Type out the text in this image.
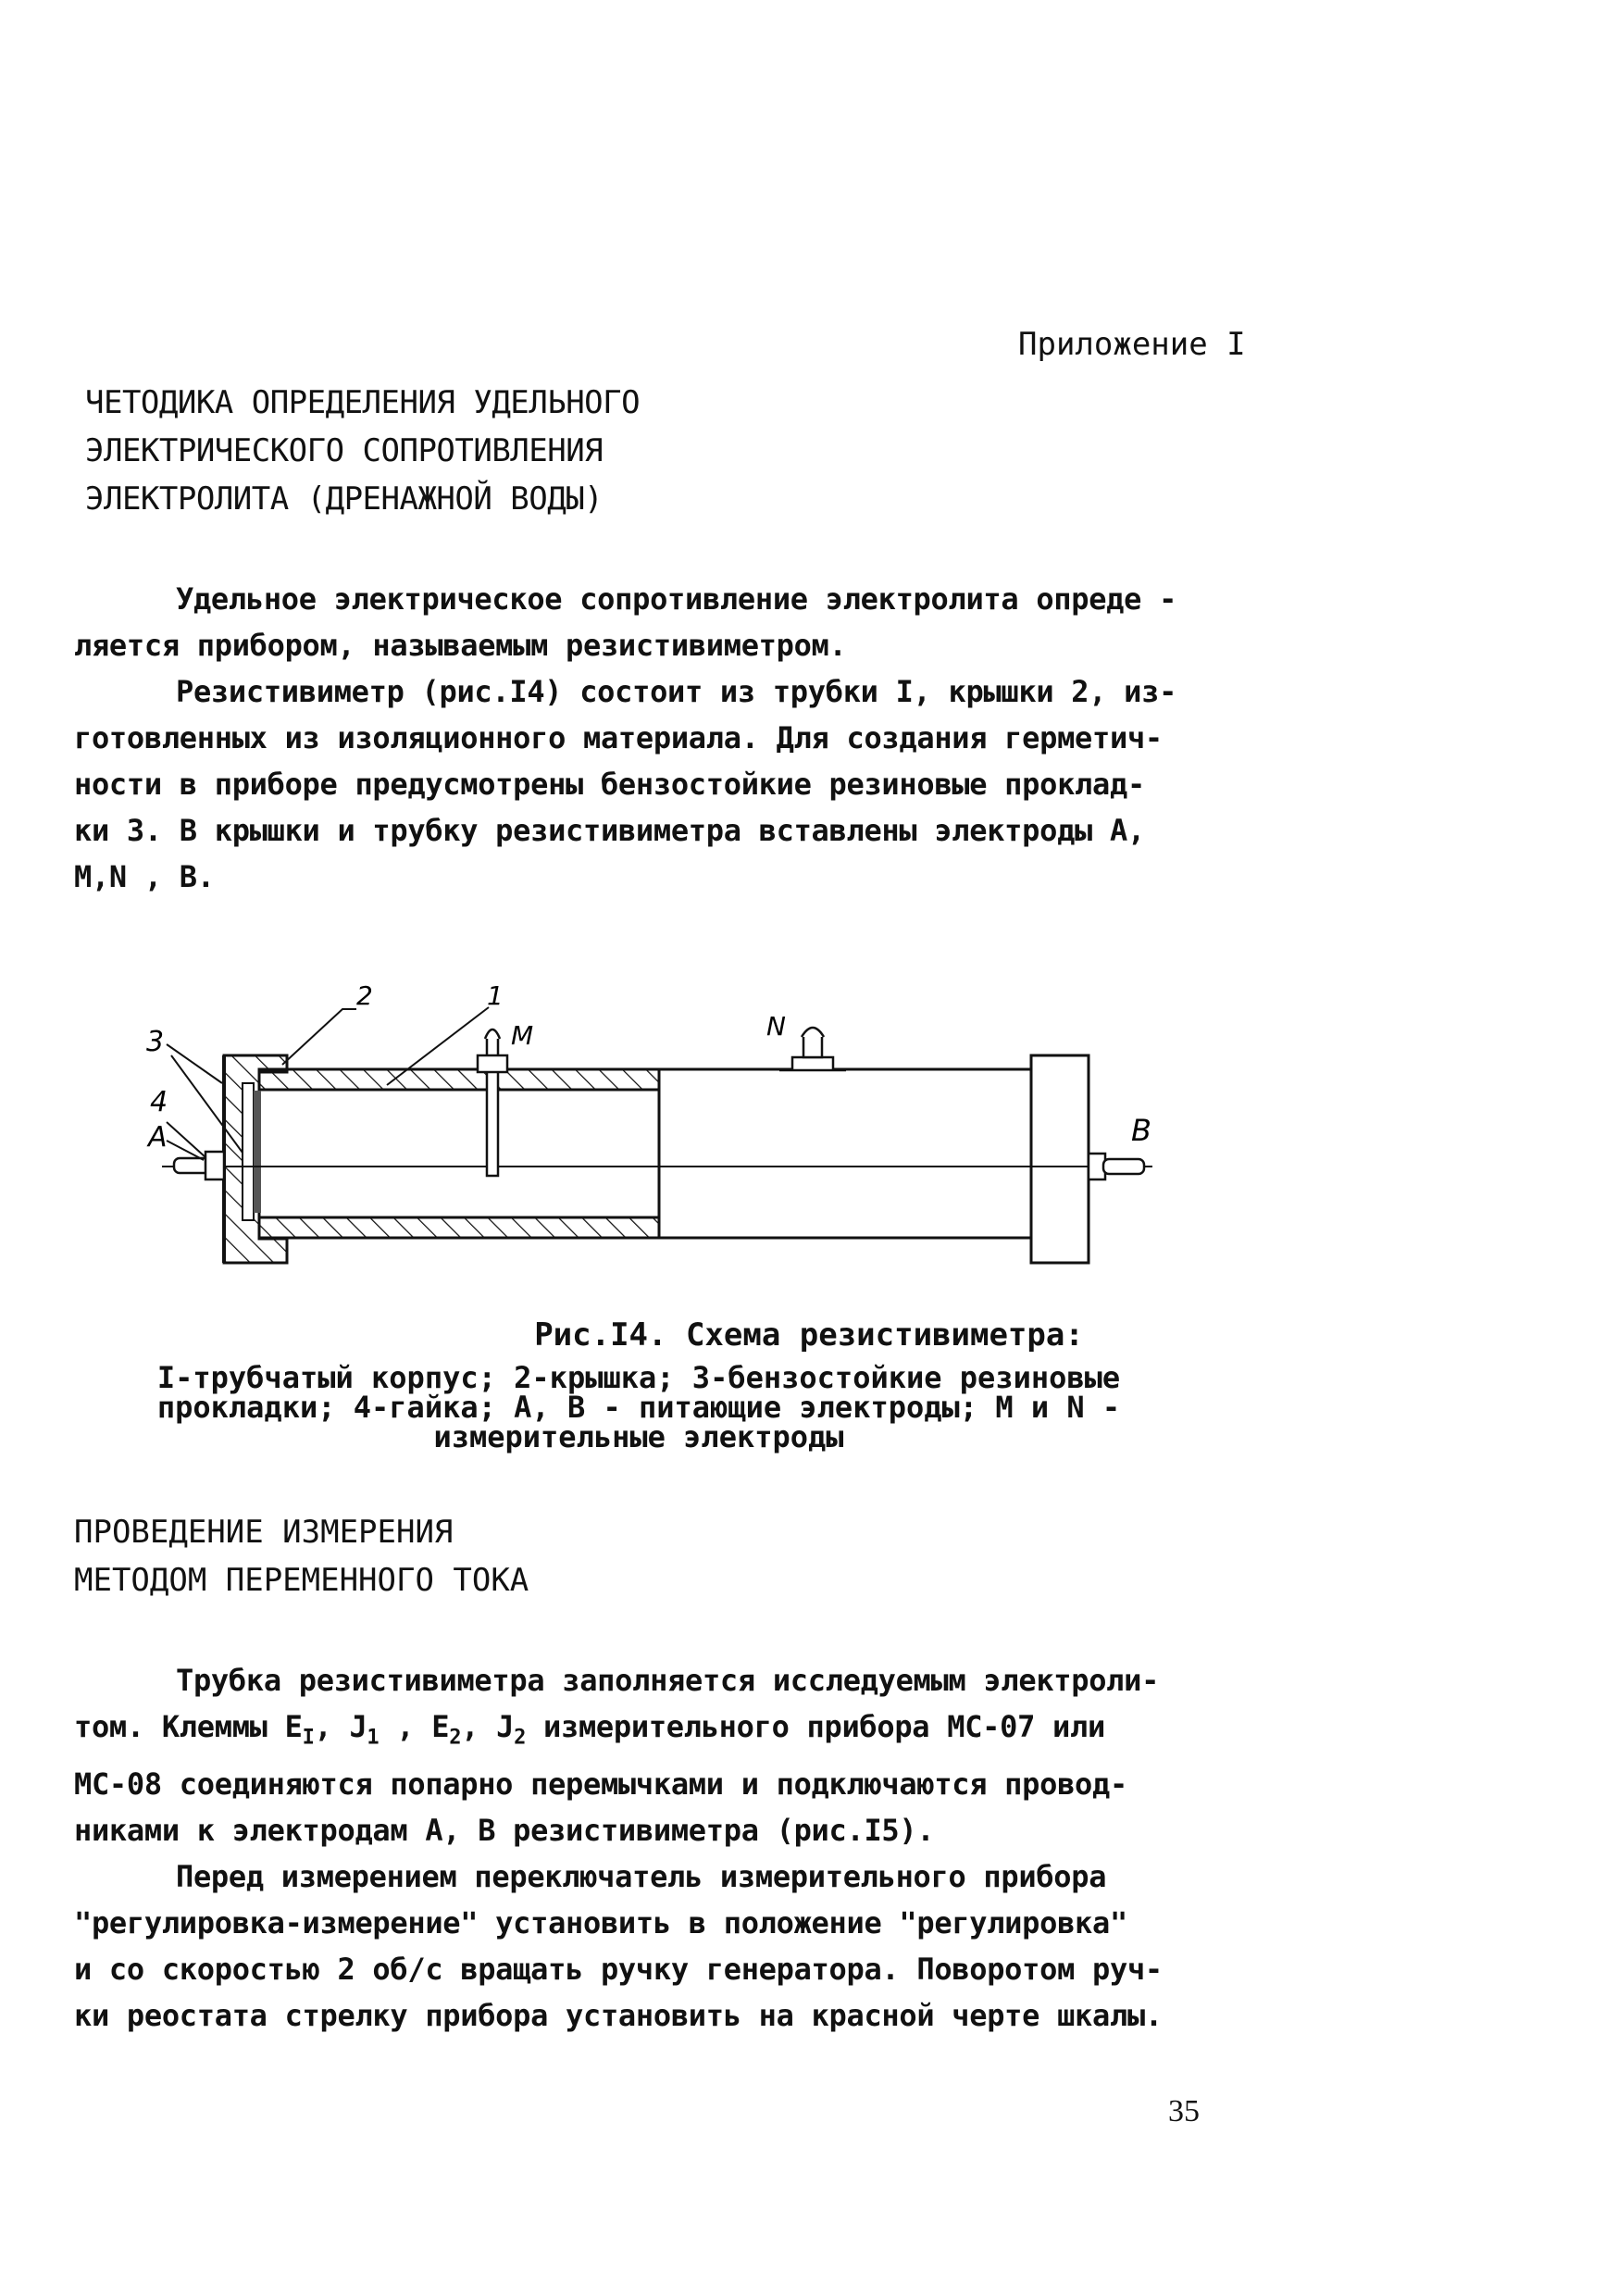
Приложение I
ЧЕТОДИКА ОПРЕДЕЛЕНИЯ УДЕЛЬНОГО
ЭЛЕКТРИЧЕСКОГО СОПРОТИВЛЕНИЯ
ЭЛЕКТРОЛИТА (ДРЕНАЖНОЙ ВОДЫ)
Удельное электрическое сопротивление электролита опреде -
ляется прибором, называемым резистивиметром.
Резистивиметр (рис.I4) состоит из трубки I, крышки 2, из-
готовленных из изоляционного материала. Для создания герметич-
ности в приборе предусмотрены бензостойкие резиновые проклад-
ки 3. В крышки и трубку резистивиметра вставлены электроды А,
М,N , В.
2	1
M	N
3
4
A	B
Рис.I4. Схема резистивиметра:
I-трубчатый корпус; 2-крышка; 3-бензостойкие резиновые
прокладки; 4-гайка; А, В - питающие электроды; М и N -
измерительные электроды
ПРОВЕДЕНИЕ ИЗМЕРЕНИЯ
МЕТОДОМ ПЕРЕМЕННОГО ТОКА
Трубка резистивиметра заполняется исследуемым электроли-
том. Клеммы $E_I$, $J_1$ , $E_2$, $J_2$ измерительного прибора МС-07 или
МС-08 соединяются попарно перемычками и подключаются провод-
никами к электродам А, В резистивиметра (рис.I5).
Перед измерением переключатель измерительного прибора
"регулировка-измерение" установить в положение "регулировка"
и со скоростью 2 об/с вращать ручку генератора. Поворотом руч-
ки реостата стрелку прибора установить на красной черте шкалы.
35
